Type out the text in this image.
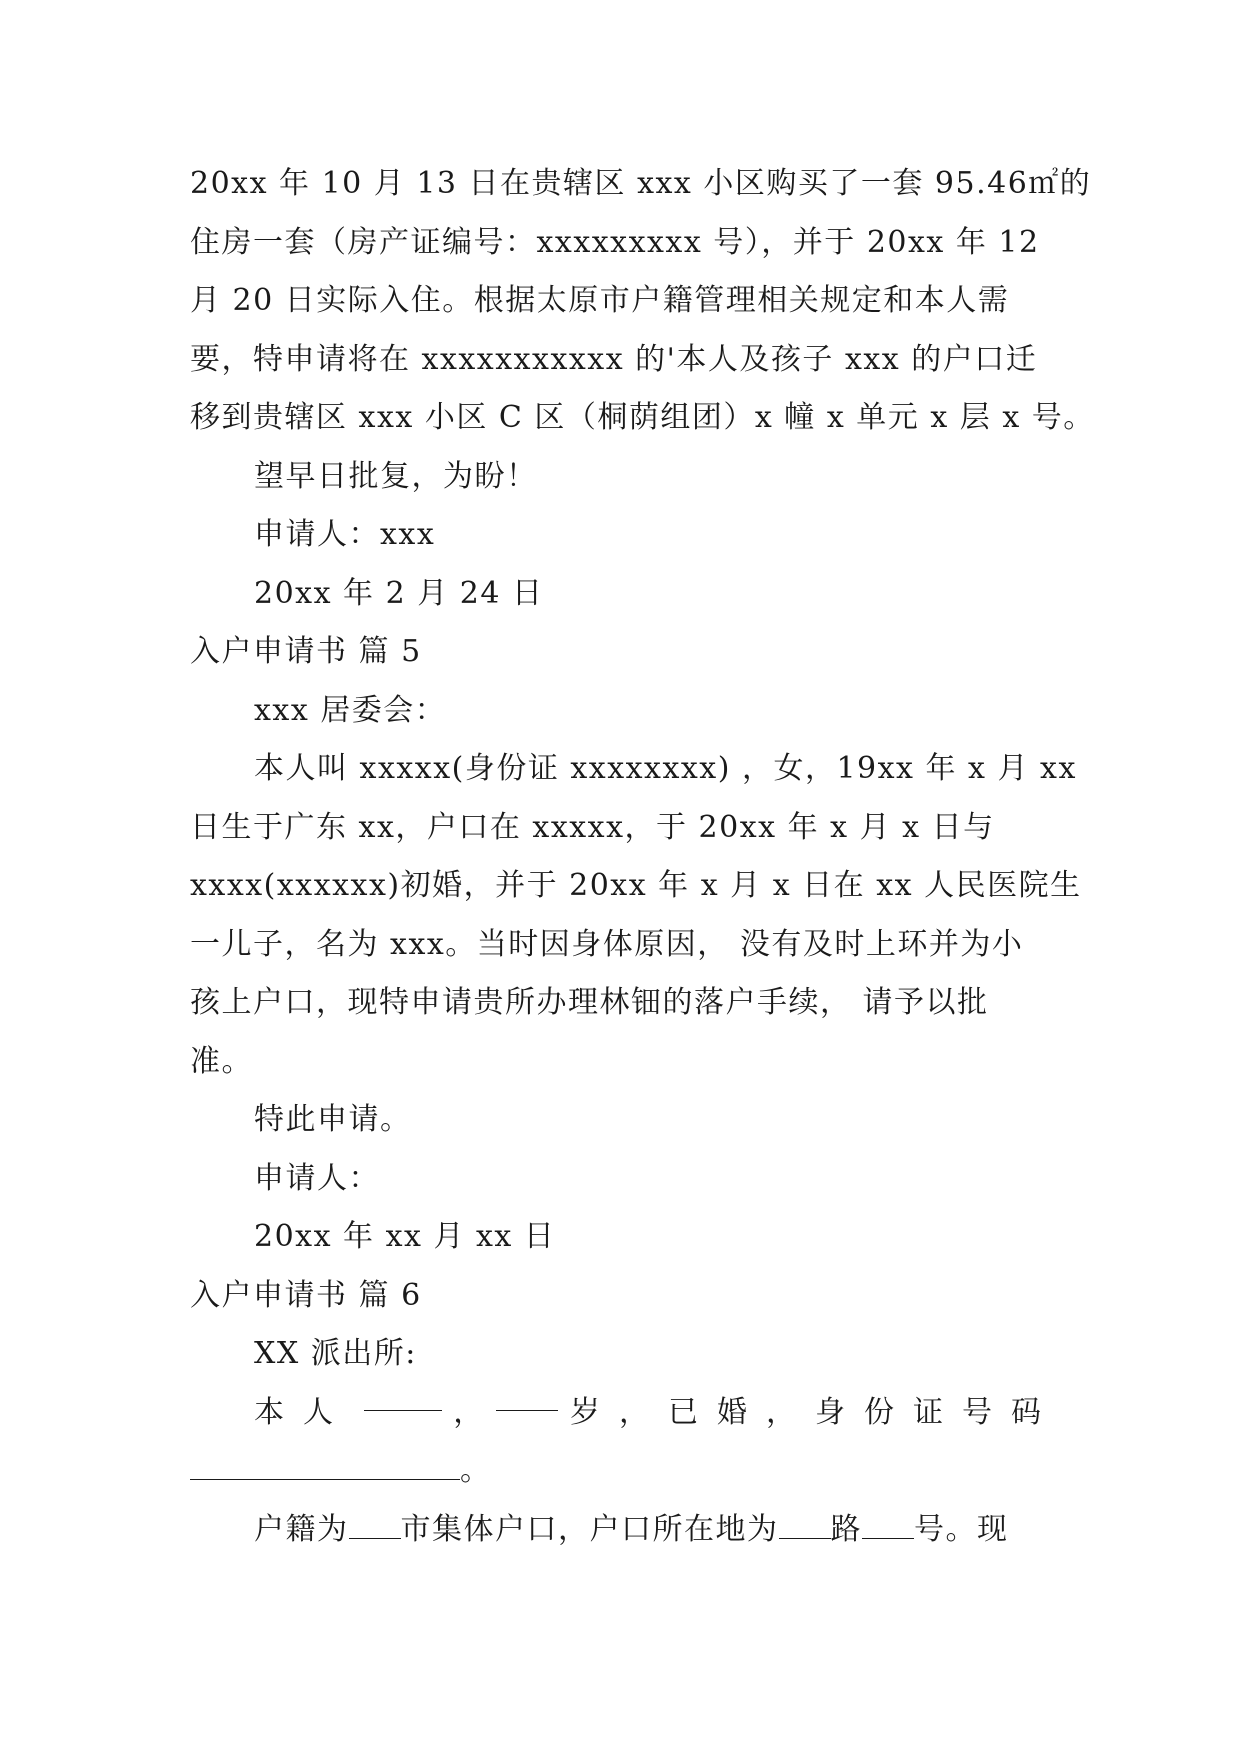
20xx 年 10 月 13 日在贵辖区 xxx 小区购买了一套 95.46㎡的
住房一套（房产证编号：xxxxxxxxx 号），并于 20xx 年 12
月 20 日实际入住。根据太原市户籍管理相关规定和本人需
要，特申请将在 xxxxxxxxxxx 的'本人及孩子 xxx 的户口迁
移到贵辖区 xxx 小区 C 区（桐荫组团）x 幢 x 单元 x 层 x 号。
望早日批复，为盼！
申请人：xxx
20xx 年 2 月 24 日
入户申请书 篇 5
xxx 居委会：
本人叫 xxxxx(身份证 xxxxxxxx) ，女，19xx 年 x 月 xx
日生于广东 xx，户口在 xxxxx，于 20xx 年 x 月 x 日与
xxxx(xxxxxx)初婚，并于 20xx 年 x 月 x 日在 xx 人民医院生
一儿子，名为 xxx。当时因身体原因， 没有及时上环并为小
孩上户口，现特申请贵所办理林钿的落户手续， 请予以批
准。
特此申请。
申请人：
20xx 年 xx 月 xx 日
入户申请书 篇 6
XX 派出所:
本人	，	岁，已婚，身份证号码
。
户籍为 市集体户口，户口所在地为 路 号。现
